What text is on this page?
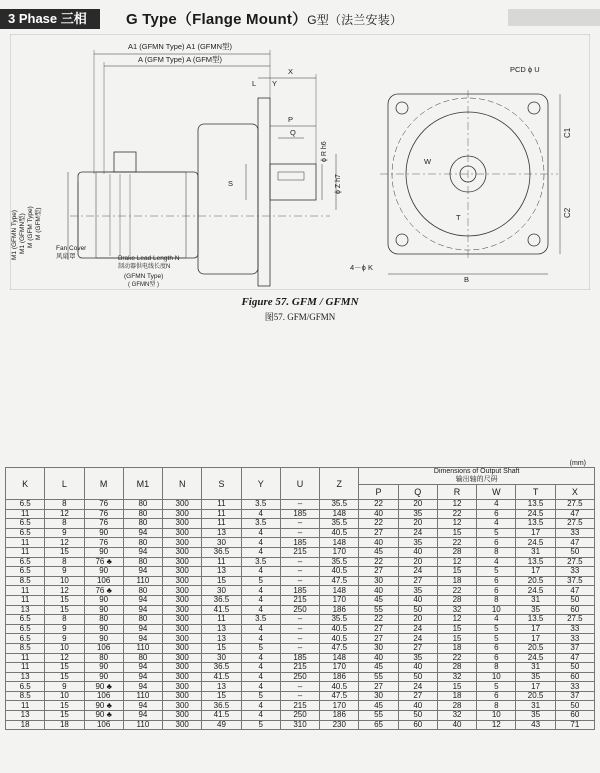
3 Phase 三相	G Type（Flange Mount）G型（法兰安装）
A1 (GFMN Type) A1 (GFMN型)
A (GFM Type) A (GFM型)
L Y
X
P
Q
S
M1 (GFMN Type) M1 (GFMN型) M (GFM Type) M (GFM型)
ϕ R h6
ϕ Z h7
Fan Cover
风扇罩	Brake Lead Length N
制动器供电线长度N
(GFMN Type)
( GFMN型 )
PCD ϕ U
C1
C2
W
T
4－ϕ K
B
Figure 57. GFM / GFMN
图57. GFM/GFMN
(mm)
K	L	M	M1	N	S	Y	U	Z	Dimensions of Output Shaft
输出轴的尺码					

									P	Q	R	W	T	X
6.5	8	76	80	300	11	3.5	–	35.5	22	20	12	4	13.5	27.5
11	12	76	80	300	11	4	185	148	40	35	22	6	24.5	47
6.5	8	76	80	300	11	3.5	–	35.5	22	20	12	4	13.5	27.5
6.5	9	90	94	300	13	4	–	40.5	27	24	15	5	17	33
11	12	76	80	300	30	4	185	148	40	35	22	6	24.5	47
11	15	90	94	300	36.5	4	215	170	45	40	28	8	31	50
6.5	8	76 ♣	80	300	11	3.5	–	35.5	22	20	12	4	13.5	27.5
6.5	9	90	94	300	13	4	–	40.5	27	24	15	5	17	33
8.5	10	106	110	300	15	5	–	47.5	30	27	18	6	20.5	37.5
11	12	76 ♣	80	300	30	4	185	148	40	35	22	6	24.5	47
11	15	90	94	300	36.5	4	215	170	45	40	28	8	31	50
13	15	90	94	300	41.5	4	250	186	55	50	32	10	35	60
6.5	8	80	80	300	11	3.5	–	35.5	22	20	12	4	13.5	27.5
6.5	9	90	94	300	13	4	–	40.5	27	24	15	5	17	33
6.5	9	90	94	300	13	4	–	40.5	27	24	15	5	17	33
8.5	10	106	110	300	15	5	–	47.5	30	27	18	6	20.5	37
11	12	80	80	300	30	4	185	148	40	35	22	6	24.5	47
11	15	90	94	300	36.5	4	215	170	45	40	28	8	31	50
13	15	90	94	300	41.5	4	250	186	55	50	32	10	35	60
6.5	9	90 ♣	94	300	13	4	–	40.5	27	24	15	5	17	33
8.5	10	106	110	300	15	5	–	47.5	30	27	18	6	20.5	37
11	15	90 ♣	94	300	36.5	4	215	170	45	40	28	8	31	50
13	15	90 ♣	94	300	41.5	4	250	186	55	50	32	10	35	60
18	18	106	110	300	49	5	310	230	65	60	40	12	43	71
